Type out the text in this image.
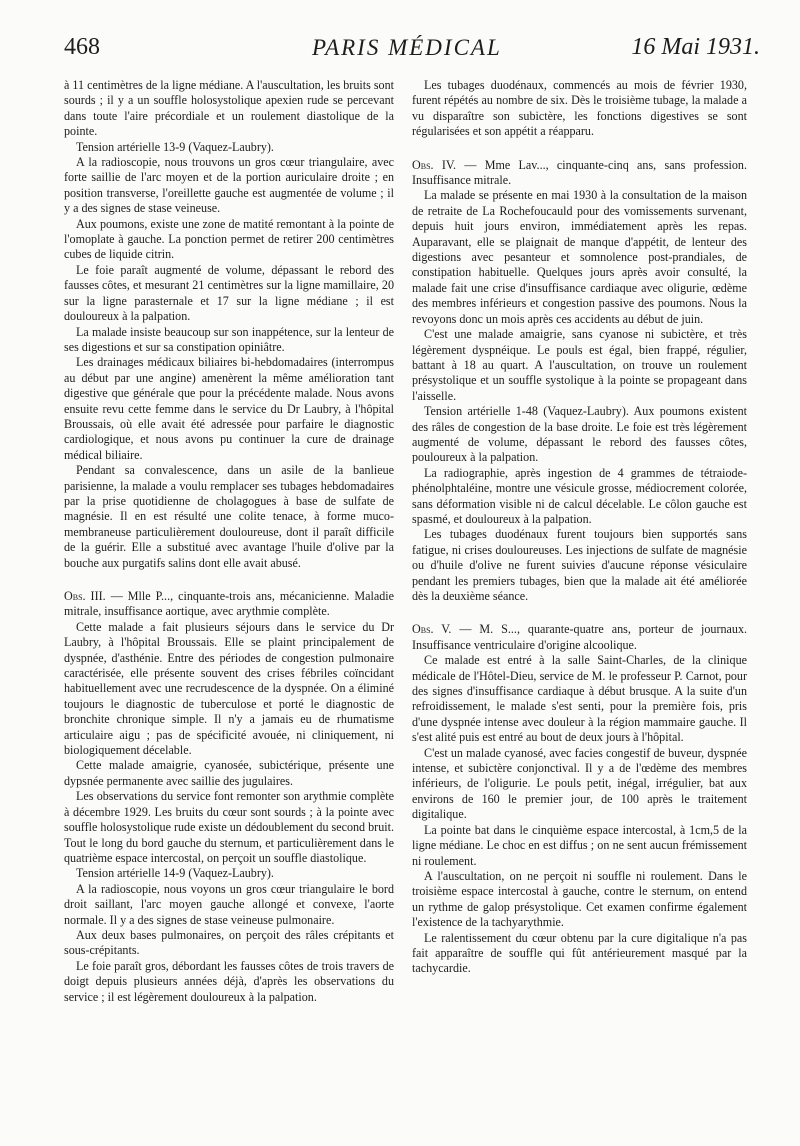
468	PARIS MÉDICAL	16 Mai 1931.

à 11 centimètres de la ligne médiane. A l'auscultation, les bruits sont sourds ; il y a un souffle holosystolique apexien rude se percevant dans toute l'aire précordiale et un roulement diastolique de la pointe.

Tension artérielle 13-9 (Vaquez-Laubry).

A la radioscopie, nous trouvons un gros cœur triangulaire, avec forte saillie de l'arc moyen et de la portion auriculaire droite ; en position transverse, l'oreillette gauche est augmentée de volume ; il y a des signes de stase veineuse.

Aux poumons, existe une zone de matité remontant à la pointe de l'omoplate à gauche. La ponction permet de retirer 200 centimètres cubes de liquide citrin.

Le foie paraît augmenté de volume, dépassant le rebord des fausses côtes, et mesurant 21 centimètres sur la ligne mamillaire, 20 sur la ligne parasternale et 17 sur la ligne médiane ; il est douloureux à la palpation.

La malade insiste beaucoup sur son inappétence, sur la lenteur de ses digestions et sur sa constipation opiniâtre.

Les drainages médicaux biliaires bi-hebdomadaires (interrompus au début par une angine) amenèrent la même amélioration tant digestive que générale que pour la précédente malade. Nous avons ensuite revu cette femme dans le service du Dr Laubry, à l'hôpital Broussais, où elle avait été adressée pour parfaire le diagnostic cardiologique, et nous avons pu continuer la cure de drainage médical biliaire.

Pendant sa convalescence, dans un asile de la banlieue parisienne, la malade a voulu remplacer ses tubages hebdomadaires par la prise quotidienne de cholagogues à base de sulfate de magnésie. Il en est résulté une colite tenace, à forme muco-membraneuse particulièrement douloureuse, dont il paraît difficile de la guérir. Elle a substitué avec avantage l'huile d'olive par la bouche aux purgatifs salins dont elle avait abusé.

Obs. III. — Mlle P..., cinquante-trois ans, mécanicienne. Maladie mitrale, insuffisance aortique, avec arythmie complète.

Cette malade a fait plusieurs séjours dans le service du Dr Laubry, à l'hôpital Broussais. Elle se plaint principalement de dyspnée, d'asthénie. Entre des périodes de congestion pulmonaire caractérisée, elle présente souvent des crises fébriles coïncidant habituellement avec une recrudescence de la dyspnée. On a éliminé toujours le diagnostic de tuberculose et porté le diagnostic de bronchite chronique simple. Il n'y a jamais eu de rhumatisme articulaire aigu ; pas de spécificité avouée, ni cliniquement, ni biologiquement décelable.

Cette malade amaigrie, cyanosée, subictérique, présente une dypsnée permanente avec saillie des jugulaires.

Les observations du service font remonter son arythmie complète à décembre 1929. Les bruits du cœur sont sourds ; à la pointe avec souffle holosystolique rude existe un dédoublement du second bruit. Tout le long du bord gauche du sternum, et particulièrement dans le quatrième espace intercostal, on perçoit un souffle diastolique.

Tension artérielle 14-9 (Vaquez-Laubry).

A la radioscopie, nous voyons un gros cœur triangulaire le bord droit saillant, l'arc moyen gauche allongé et convexe, l'aorte normale. Il y a des signes de stase veineuse pulmonaire.

Aux deux bases pulmonaires, on perçoit des râles crépitants et sous-crépitants.

Le foie paraît gros, débordant les fausses côtes de trois travers de doigt depuis plusieurs années déjà, d'après les observations du service ; il est légèrement douloureux à la palpation.

Les tubages duodénaux, commencés au mois de février 1930, furent répétés au nombre de six. Dès le troisième tubage, la malade a vu disparaître son subictère, les fonctions digestives se sont régularisées et son appétit a réapparu.

Obs. IV. — Mme Lav..., cinquante-cinq ans, sans profession. Insuffisance mitrale.

La malade se présente en mai 1930 à la consultation de la maison de retraite de La Rochefoucauld pour des vomissements survenant, depuis huit jours environ, immédiatement après les repas. Auparavant, elle se plaignait de manque d'appétit, de lenteur des digestions avec pesanteur et somnolence post-prandiales, de constipation habituelle. Quelques jours après avoir consulté, la malade fait une crise d'insuffisance cardiaque avec oligurie, œdème des membres inférieurs et congestion passive des poumons. Nous la revoyons donc un mois après ces accidents au début de juin.

C'est une malade amaigrie, sans cyanose ni subictère, et très légèrement dyspnéique. Le pouls est égal, bien frappé, régulier, battant à 18 au quart. A l'auscultation, on trouve un roulement présystolique et un souffle systolique à la pointe se propageant dans l'aisselle.

Tension artérielle 1-48 (Vaquez-Laubry). Aux poumons existent des râles de congestion de la base droite. Le foie est très légèrement augmenté de volume, dépassant le rebord des fausses côtes, pouloureux à la palpation.

La radiographie, après ingestion de 4 grammes de tétraiode-phénolphtaléine, montre une vésicule grosse, médiocrement colorée, sans déformation visible ni de calcul décelable. Le côlon gauche est spasmé, et douloureux à la palpation.

Les tubages duodénaux furent toujours bien supportés sans fatigue, ni crises douloureuses. Les injections de sulfate de magnésie ou d'huile d'olive ne furent suivies d'aucune réponse vésiculaire pendant les premiers tubages, bien que la malade ait été améliorée dès la deuxième séance.

Obs. V. — M. S..., quarante-quatre ans, porteur de journaux. Insuffisance ventriculaire d'origine alcoolique.

Ce malade est entré à la salle Saint-Charles, de la clinique médicale de l'Hôtel-Dieu, service de M. le professeur P. Carnot, pour des signes d'insuffisance cardiaque à début brusque. A la suite d'un refroidissement, le malade s'est senti, pour la première fois, pris d'une dyspnée intense avec douleur à la région mammaire gauche. Il s'est alité puis est entré au bout de deux jours à l'hôpital.

C'est un malade cyanosé, avec facies congestif de buveur, dyspnée intense, et subictère conjonctival. Il y a de l'œdème des membres inférieurs, de l'oligurie. Le pouls petit, inégal, irrégulier, bat aux environs de 160 le premier jour, de 100 après le traitement digitalique.

La pointe bat dans le cinquième espace intercostal, à 1cm,5 de la ligne médiane. Le choc en est diffus ; on ne sent aucun frémissement ni roulement.

A l'auscultation, on ne perçoit ni souffle ni roulement. Dans le troisième espace intercostal à gauche, contre le sternum, on entend un rythme de galop présystolique. Cet examen confirme également l'existence de la tachyarythmie.

Le ralentissement du cœur obtenu par la cure digitalique n'a pas fait apparaître de souffle qui fût antérieurement masqué par la tachycardie.
